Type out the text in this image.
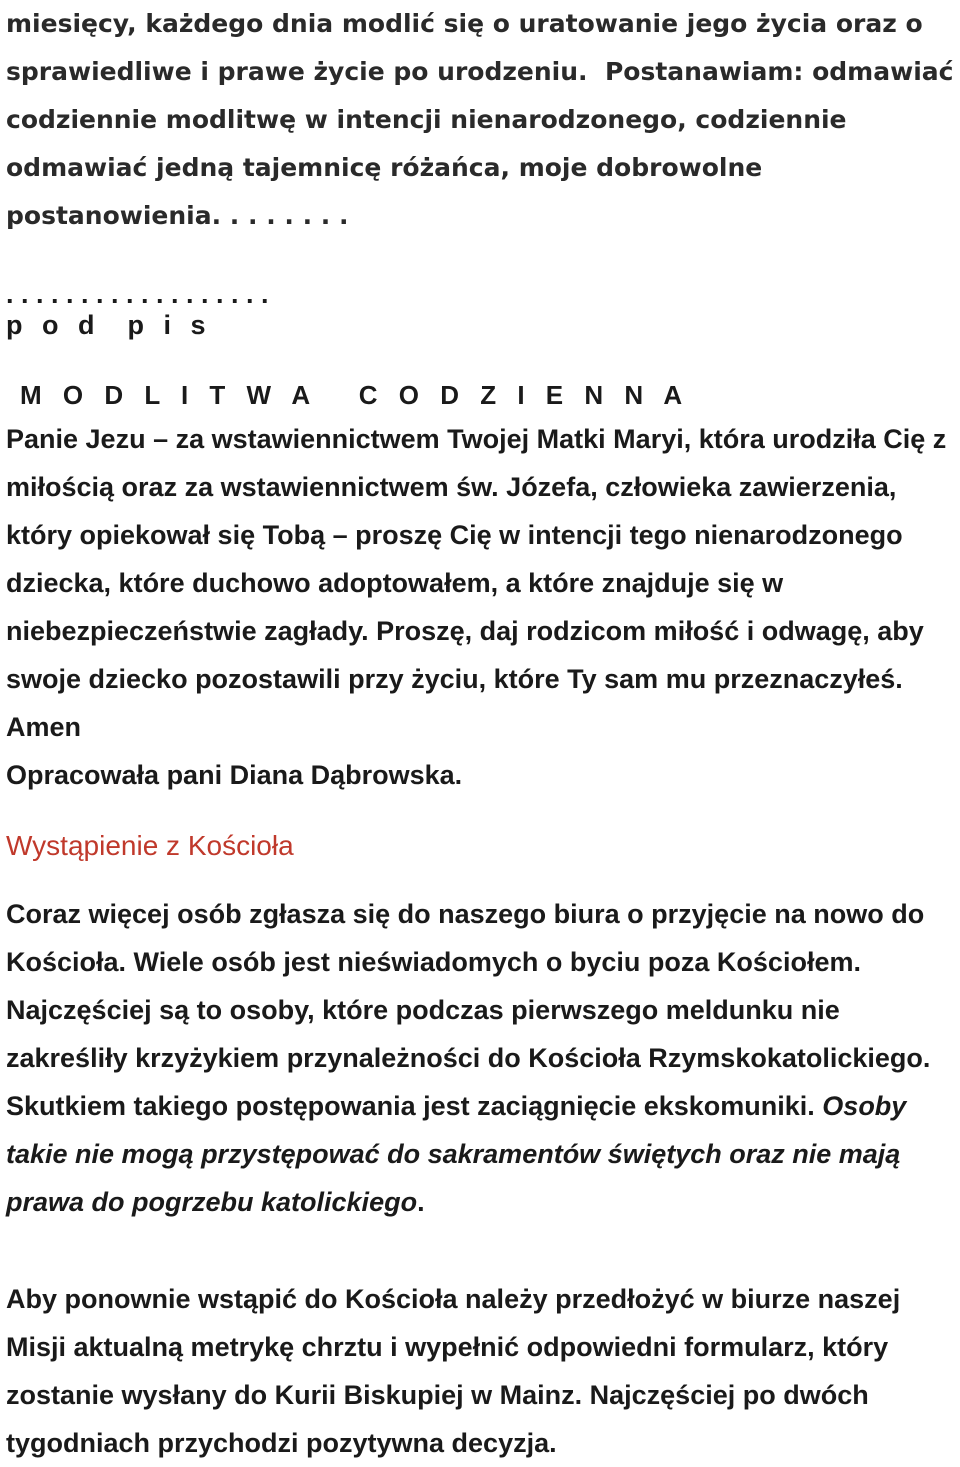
miesięcy, każdego dnia modlić się o uratowanie jego życia oraz o

sprawiedliwe i prawe życie po urodzeniu.  Postanawiam: odmawiać

codziennie modlitwę w intencji nienarodzonego, codziennie

odmawiać jedną tajemnicę różańca, moje dobrowolne

postanowienia. . . . . . . .

. . . . . . . . . . . . . . . . . .

p o d  p i s

M O D L I T W A   C O D Z I E N N A

Panie Jezu – za wstawiennictwem Twojej Matki Maryi, która urodziła Cię z miłością oraz za wstawiennictwem św. Józefa, człowieka zawierzenia, który opiekował się Tobą – proszę Cię w intencji tego nienarodzonego dziecka, które duchowo adoptowałem, a które znajduje się w niebezpieczeństwie zagłady. Proszę, daj rodzicom miłość i odwagę, aby swoje dziecko pozostawili przy życiu, które Ty sam mu przeznaczyłeś.  Amen

Opracowała pani Diana Dąbrowska.

Wystąpienie z Kościoła

Coraz więcej osób zgłasza się do naszego biura o przyjęcie na nowo do Kościoła. Wiele osób jest nieświadomych o byciu poza Kościołem. Najczęściej są to osoby, które podczas pierwszego meldunku nie zakreśliły krzyżykiem przynależności do Kościoła Rzymskokatolickiego. Skutkiem takiego postępowania jest zaciągnięcie ekskomuniki. Osoby takie nie mogą przystępować do sakramentów świętych oraz nie mają prawa do pogrzebu katolickiego.

Aby ponownie wstąpić do Kościoła należy przedłożyć w biurze naszej Misji aktualną metrykę chrztu i wypełnić odpowiedni formularz, który zostanie wysłany do Kurii Biskupiej w Mainz. Najczęściej po dwóch tygodniach przychodzi pozytywna decyzja.
